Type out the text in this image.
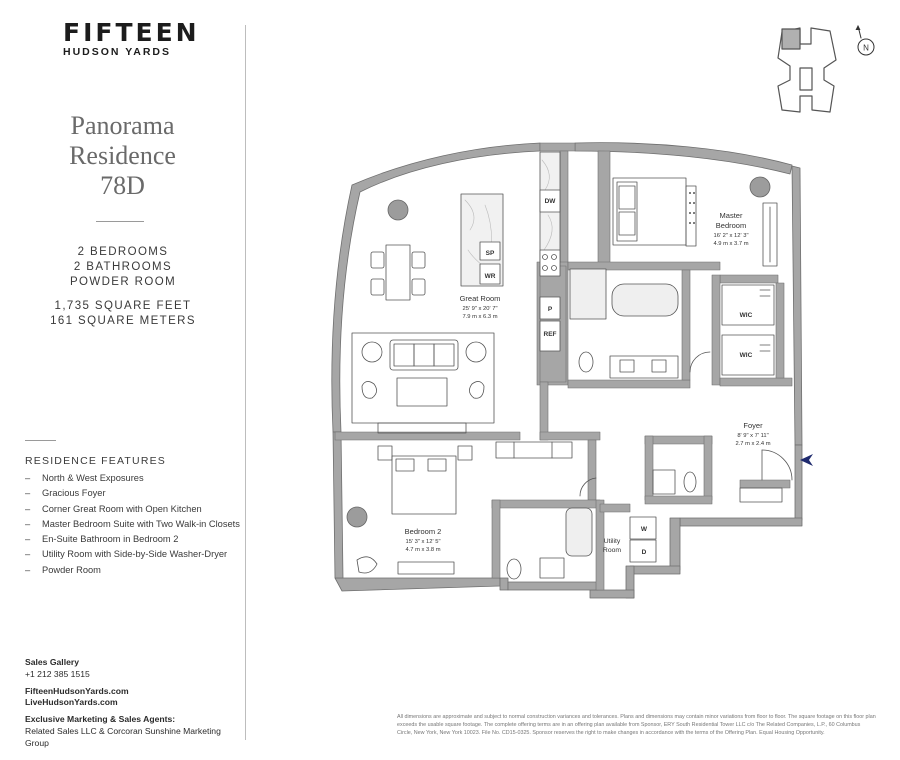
FIFTEEN
HUDSON YARDS
Panorama
Residence
78D
2 BEDROOMS
2 BATHROOMS
POWDER ROOM
1,735 SQUARE FEET
161 SQUARE METERS
RESIDENCE FEATURES
– North & West Exposures
– Gracious Foyer
– Corner Great Room with Open Kitchen
– Master Bedroom Suite with Two Walk-in Closets
– En-Suite Bathroom in Bedroom 2
– Utility Room with Side-by-Side Washer-Dryer
– Powder Room
Sales Gallery
+1 212 385 1515
FifteenHudsonYards.com
LiveHudsonYards.com
Exclusive Marketing & Sales Agents:
Related Sales LLC & Corcoran Sunshine Marketing Group
All dimensions are approximate and subject to normal construction variances and tolerances. Plans and dimensions may contain minor variations from floor to floor. The square footage on this floor plan exceeds the usable square footage. The complete offering terms are in an offering plan available from Sponsor, ERY South Residential Tower LLC c/o The Related Companies, L.P., 60 Columbus Circle, New York, New York 10023. File No. CD15-0325. Sponsor reserves the right to make changes in accordance with the terms of the Offering Plan. Equal Housing Opportunity.
N
DW
SP
WR
P
REF
W
D
WIC
WIC
Great Room
25' 9" x 20' 7"
7.9 m x 6.3 m
Master
Bedroom
16' 2" x 12' 3"
4.9 m x 3.7 m
Bedroom 2
15' 3" x 12' 5"
4.7 m x 3.8 m
Foyer
8' 9" x 7' 11"
2.7 m x 2.4 m
Utility
Room
